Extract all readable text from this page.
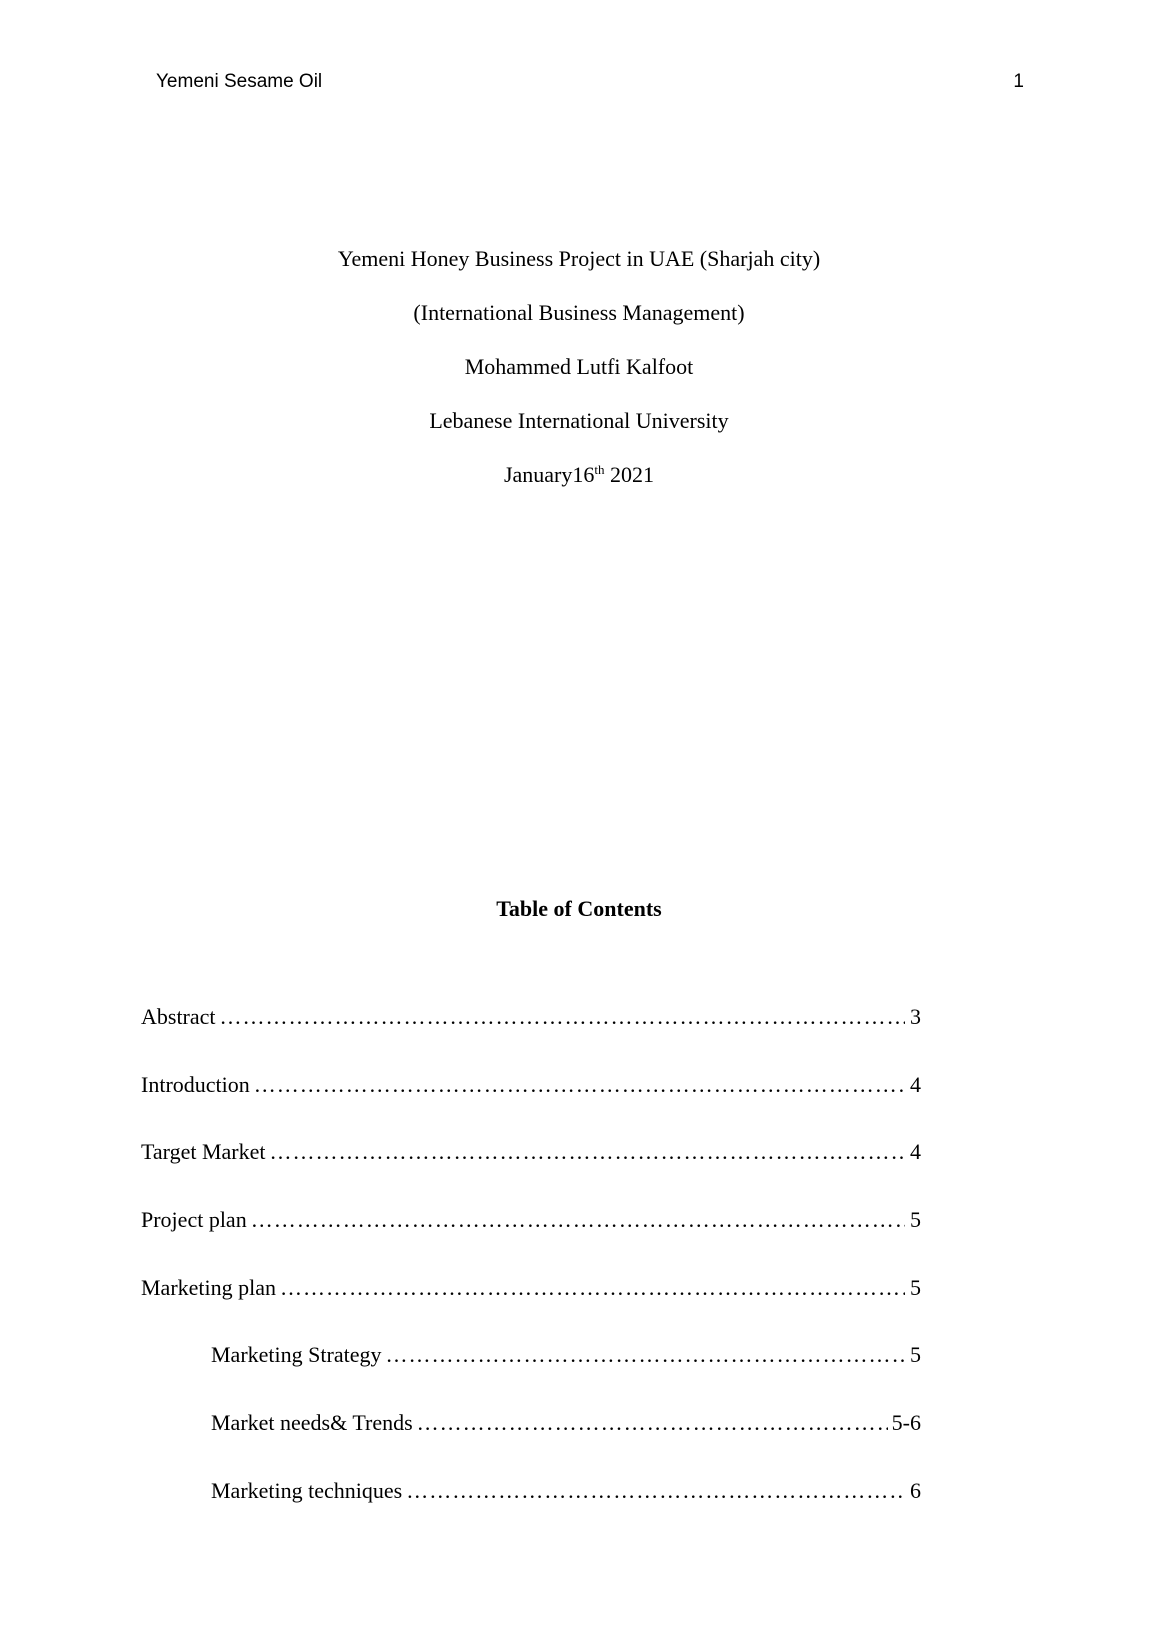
Yemeni Sesame Oil	1
Yemeni Honey Business Project in UAE (Sharjah city)
(International Business Management)
Mohammed Lutfi Kalfoot
Lebanese International University
January16th 2021
Table of Contents
Abstract ……………………………………………………………………………………………………………………………………	3
Introduction ……………………………………………………………………………………………………………………………………	4
Target Market ……………………………………………………………………………………………………………………………………	4
Project plan ……………………………………………………………………………………………………………………………………	5
Marketing plan ……………………………………………………………………………………………………………………………………	5
Marketing Strategy ……………………………………………………………………………………………………………………………………	5
Market needs& Trends ……………………………………………………………………………………………………………………………………	5-6
Marketing techniques ……………………………………………………………………………………………………………………………………	6
